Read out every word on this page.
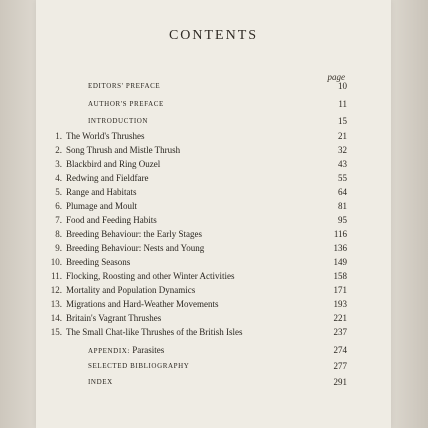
CONTENTS
page
EDITORS' PREFACE	10
AUTHOR'S PREFACE	11
INTRODUCTION	15
1. The World's Thrushes	21
2. Song Thrush and Mistle Thrush	32
3. Blackbird and Ring Ouzel	43
4. Redwing and Fieldfare	55
5. Range and Habitats	64
6. Plumage and Moult	81
7. Food and Feeding Habits	95
8. Breeding Behaviour: the Early Stages	116
9. Breeding Behaviour: Nests and Young	136
10. Breeding Seasons	149
11. Flocking, Roosting and other Winter Activities	158
12. Mortality and Population Dynamics	171
13. Migrations and Hard-Weather Movements	193
14. Britain's Vagrant Thrushes	221
15. The Small Chat-like Thrushes of the British Isles	237
APPENDIX: Parasites	274
SELECTED BIBLIOGRAPHY	277
INDEX	291
